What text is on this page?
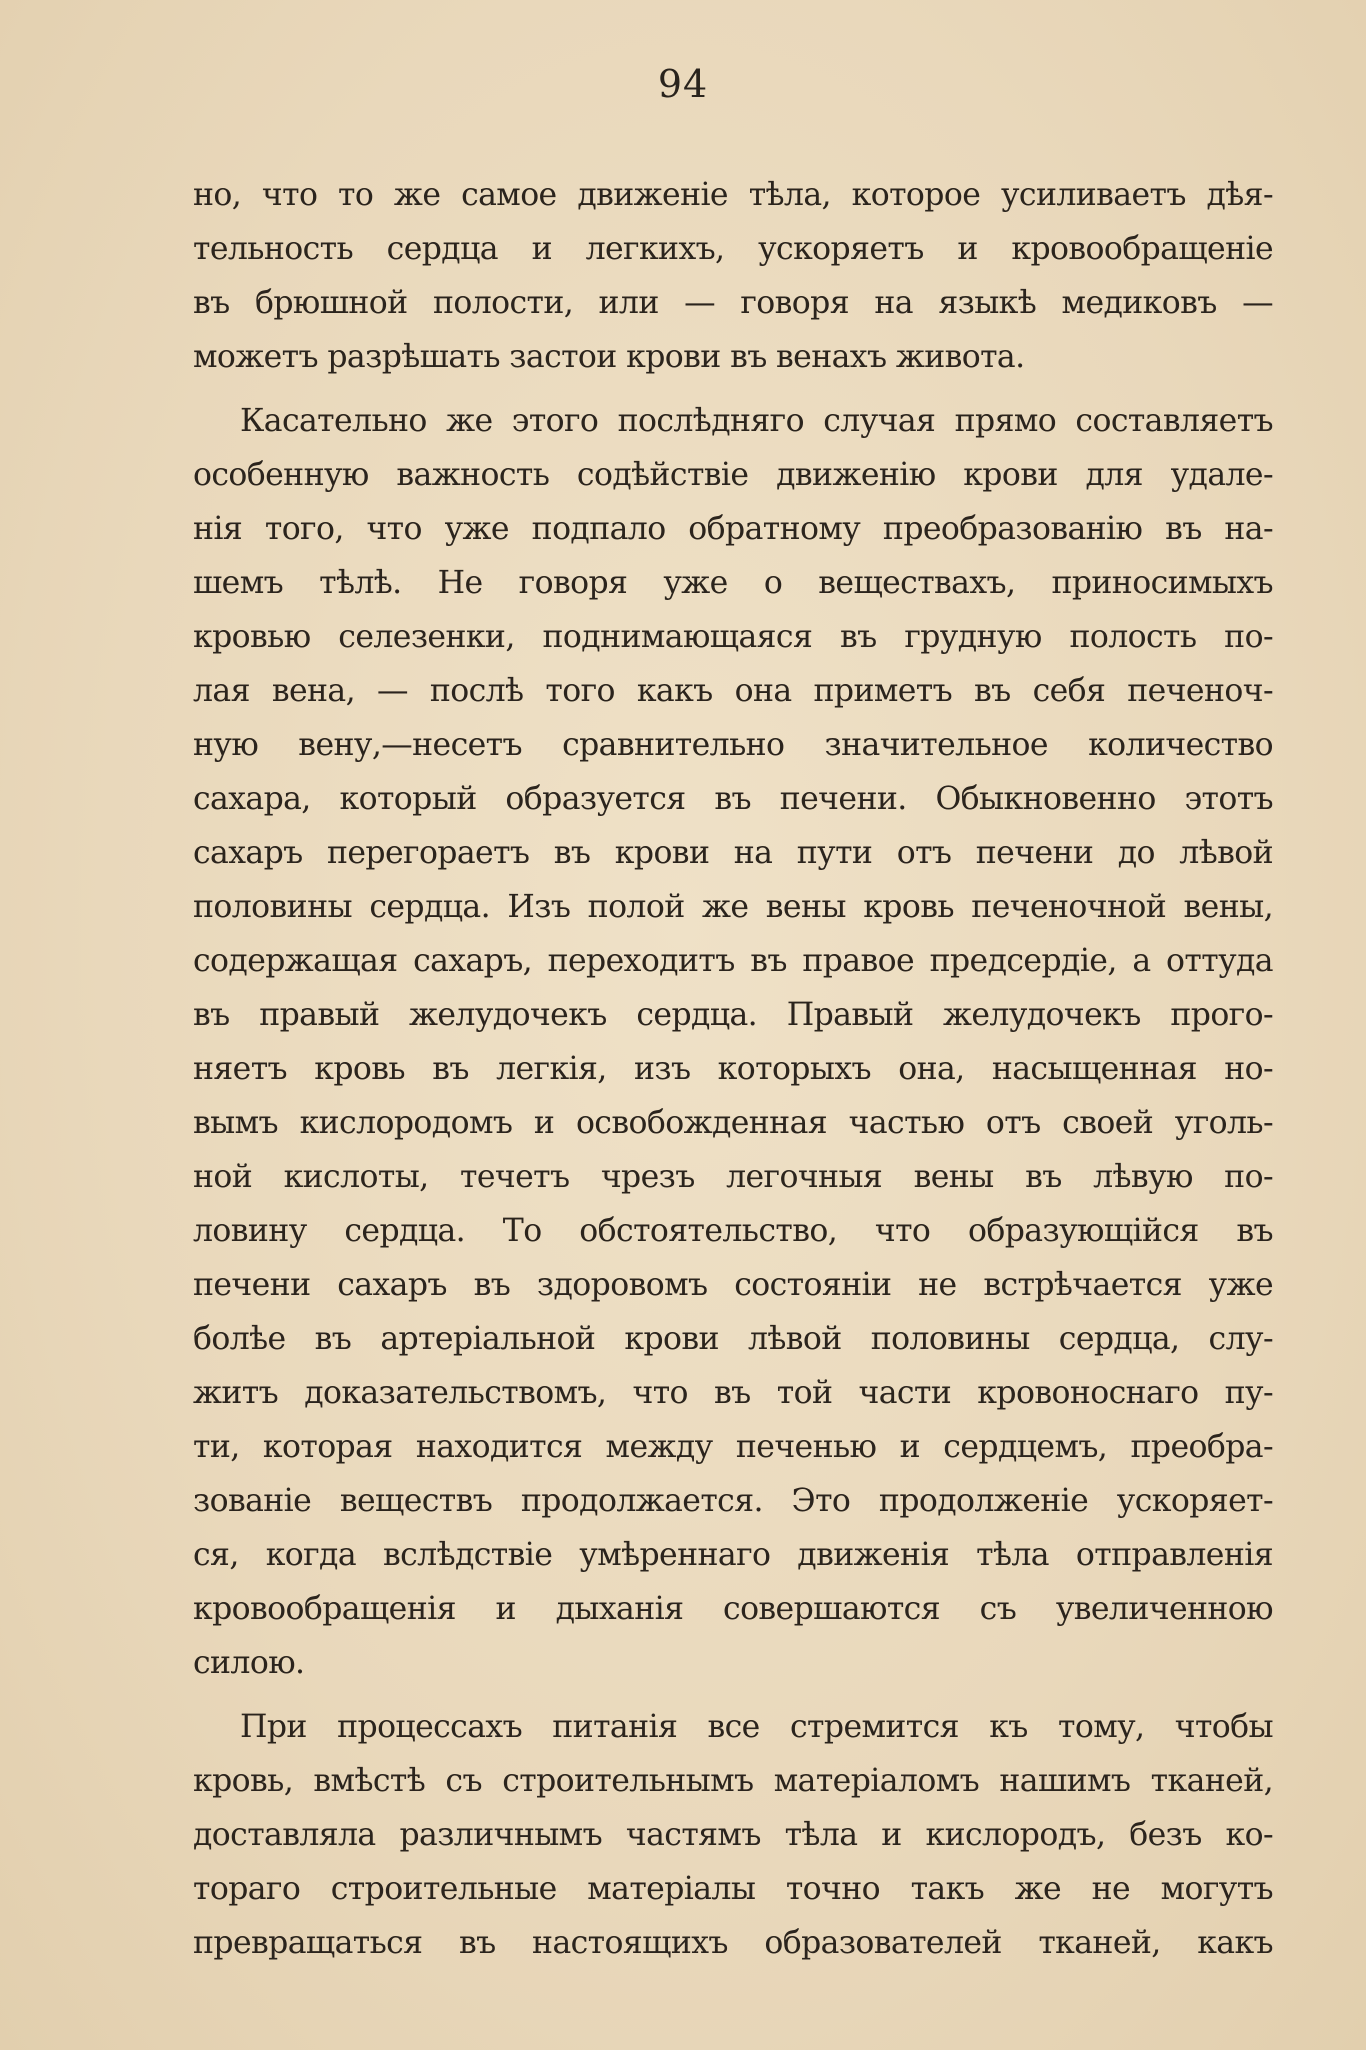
94
но, что то же самое движеніе тѣла, которое усиливаетъ дѣя-
тельность сердца и легкихъ, ускоряетъ и кровообращеніе
въ брюшной полости, или — говоря на языкѣ медиковъ —
можетъ разрѣшать застои крови въ венахъ живота.
Касательно же этого послѣдняго случая прямо составляетъ
особенную важность содѣйствіе движенію крови для удале-
нія того, что уже подпало обратному преобразованію въ на-
шемъ тѣлѣ. Не говоря уже о веществахъ, приносимыхъ
кровью селезенки, поднимающаяся въ грудную полость по-
лая вена, — послѣ того какъ она приметъ въ себя печеноч-
ную вену,—несетъ сравнительно значительное количество
сахара, который образуется въ печени. Обыкновенно этотъ
сахаръ перегораетъ въ крови на пути отъ печени до лѣвой
половины сердца. Изъ полой же вены кровь печеночной вены,
содержащая сахаръ, переходитъ въ правое предсердіе, а оттуда
въ правый желудочекъ сердца. Правый желудочекъ прого-
няетъ кровь въ легкія, изъ которыхъ она, насыщенная но-
вымъ кислородомъ и освобожденная частью отъ своей уголь-
ной кислоты, течетъ чрезъ легочныя вены въ лѣвую по-
ловину сердца. То обстоятельство, что образующійся въ
печени сахаръ въ здоровомъ состояніи не встрѣчается уже
болѣе въ артеріальной крови лѣвой половины сердца, слу-
житъ доказательствомъ, что въ той части кровоноснаго пу-
ти, которая находится между печенью и сердцемъ, преобра-
зованіе веществъ продолжается. Это продолженіе ускоряет-
ся, когда вслѣдствіе умѣреннаго движенія тѣла отправленія
кровообращенія и дыханія совершаются съ увеличенною
силою.
При процессахъ питанія все стремится къ тому, чтобы
кровь, вмѣстѣ съ строительнымъ матеріаломъ нашимъ тканей,
доставляла различнымъ частямъ тѣла и кислородъ, безъ ко-
тораго строительные матеріалы точно такъ же не могутъ
превращаться въ настоящихъ образователей тканей, какъ
